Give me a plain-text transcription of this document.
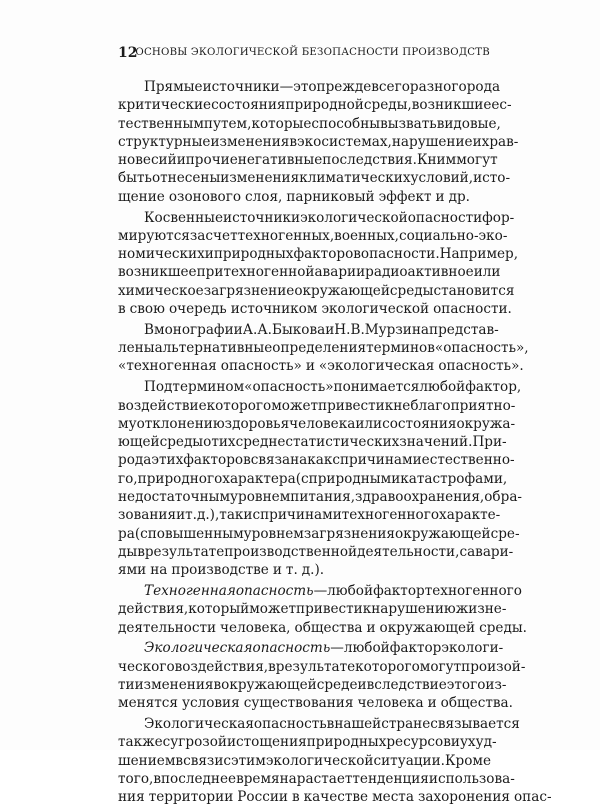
12
ОСНОВЫ ЭКОЛОГИЧЕСКОЙ БЕЗОПАСНОСТИ ПРОИЗВОДСТВ
Прямые источники — это прежде всего разного рода
критические состояния природной среды, возникшие ес-
тественным путем, которые способны вызвать видовые,
структурные изменения в экосистемах, нарушение их рав-
новесий и прочие негативные последствия. К ним могут
быть отнесены изменения климатических условий, исто-
щение озонового слоя, парниковый эффект и др.
Косвенные источники экологической опасности фор-
мируются за счет техногенных, военных, социально-эко-
номических и природных факторов опасности. Например,
возникшее при техногенной аварии радиоактивное или
химическое загрязнение окружающей среды становится
в свою очередь источником экологической опасности.
В монографии А. А. Быкова и Н. В. Мурзина представ-
лены альтернативные определения терминов «опасность»,
«техногенная опасность» и «экологическая опасность».
Под термином «опасность» понимается любой фактор,
воздействие которого может привести к неблагоприятно-
му отклонению здоровья человека или состояния окружа-
ющей среды от их среднестатистических значений. При-
рода этих факторов связана как с причинами естественно-
го, природного характера (с природными катастрофами,
недостаточным уровнем питания, здравоохранения, обра-
зования и т. д.), так и с причинами техногенного характе-
ра (с повышенным уровнем загрязнения окружающей сре-
ды в результате производственной деятельности, с авари-
ями на производстве и т. д.).
Техногенная опасность — любой фактор техногенного
действия, который может привести к нарушению жизне-
деятельности человека, общества и окружающей среды.
Экологическая опасность — любой фактор экологи-
ческого воздействия, в результате которого могут произой-
ти изменения в окружающей среде и вследствие этого из-
менятся условия существования человека и общества.
Экологическая опасность в нашей стране связывается
также с угрозой истощения природных ресурсов и ухуд-
шением в связи с этим экологической ситуации. Кроме
того, в последнее время нарастает тенденция использова-
ния территории России в качестве места захоронения опас-
